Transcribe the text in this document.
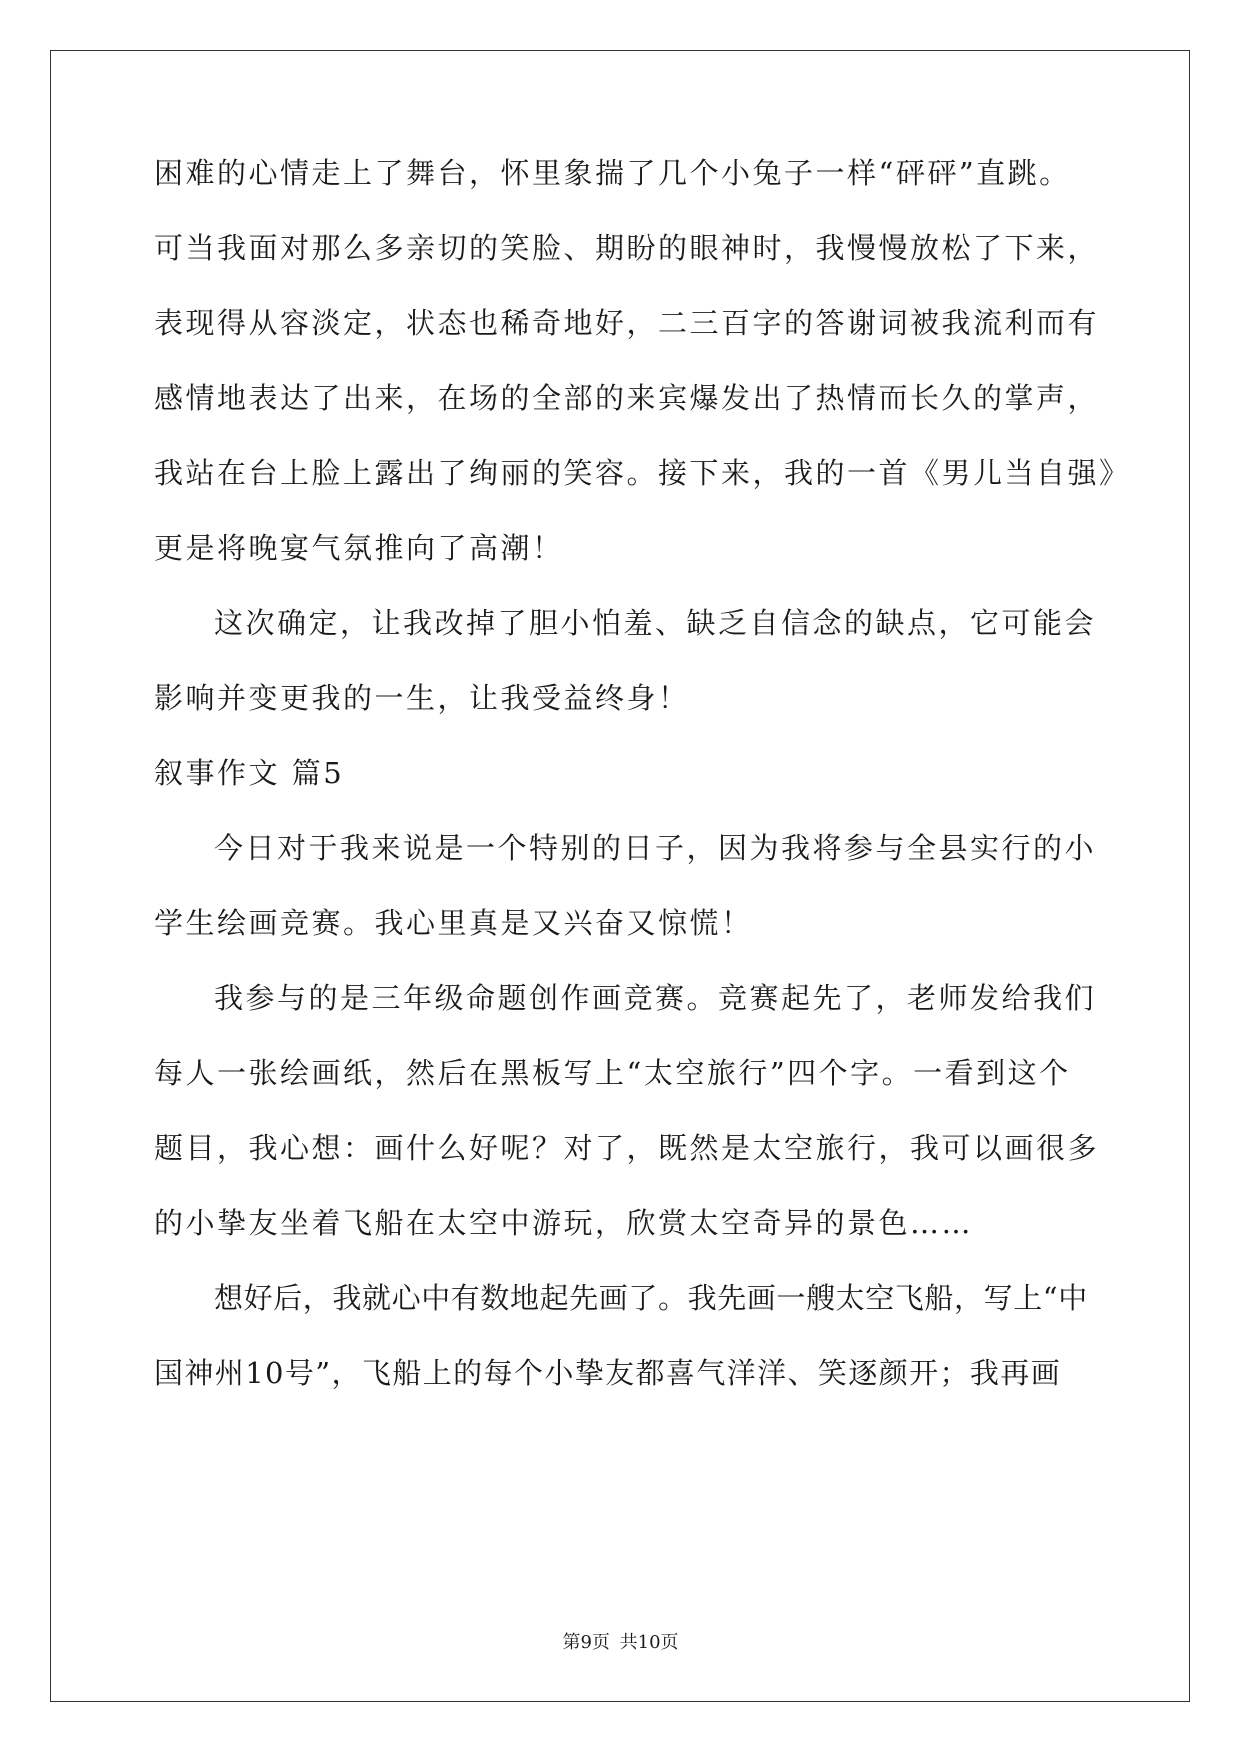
困难的心情走上了舞台，怀里象揣了几个小兔子一样“砰砰”直跳。
可当我面对那么多亲切的笑脸、期盼的眼神时，我慢慢放松了下来，
表现得从容淡定，状态也稀奇地好，二三百字的答谢词被我流利而有
感情地表达了出来，在场的全部的来宾爆发出了热情而长久的掌声，
我站在台上脸上露出了绚丽的笑容。接下来，我的一首《男儿当自强》
更是将晚宴气氛推向了高潮！
这次确定，让我改掉了胆小怕羞、缺乏自信念的缺点，它可能会
影响并变更我的一生，让我受益终身！
叙事作文 篇5
今日对于我来说是一个特别的日子，因为我将参与全县实行的小
学生绘画竞赛。我心里真是又兴奋又惊慌！
我参与的是三年级命题创作画竞赛。竞赛起先了，老师发给我们
每人一张绘画纸，然后在黑板写上“太空旅行”四个字。一看到这个
题目，我心想：画什么好呢？对了，既然是太空旅行，我可以画很多
的小挚友坐着飞船在太空中游玩，欣赏太空奇异的景色……
想好后，我就心中有数地起先画了。我先画一艘太空飞船，写上“中
国神州10号”，飞船上的每个小挚友都喜气洋洋、笑逐颜开；我再画
第9页 共10页
